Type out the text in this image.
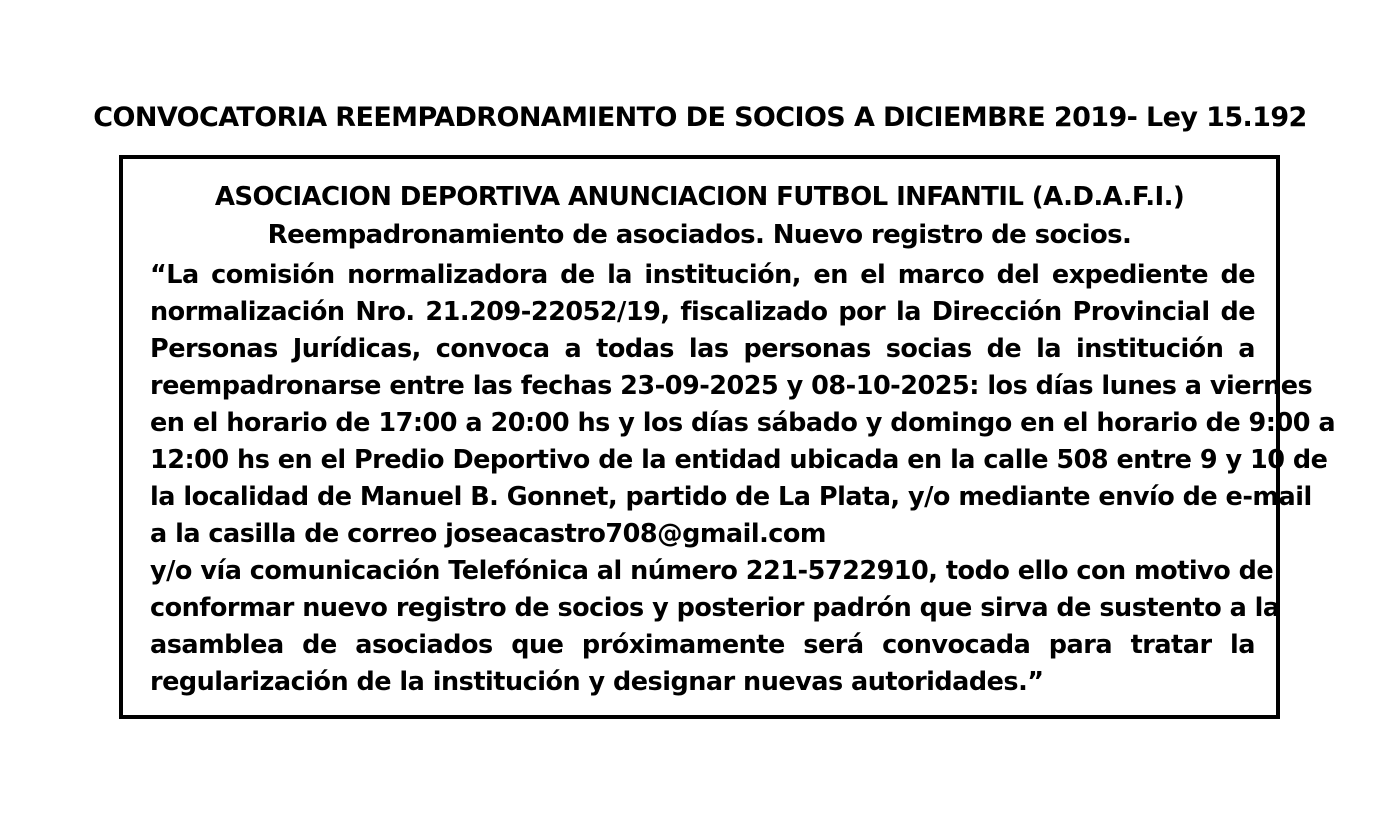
CONVOCATORIA REEMPADRONAMIENTO DE SOCIOS A DICIEMBRE 2019- Ley 15.192
ASOCIACION DEPORTIVA ANUNCIACION FUTBOL INFANTIL (A.D.A.F.I.)
Reempadronamiento de asociados. Nuevo registro de socios.
“La comisión normalizadora de la institución, en el marco del expediente de
normalización Nro. 21.209-22052/19, fiscalizado por la Dirección Provincial de
Personas Jurídicas, convoca a todas las personas socias de la institución a
reempadronarse entre las fechas 23-09-2025 y 08-10-2025: los días lunes a viernes
en el horario de 17:00 a 20:00 hs y los días sábado y domingo en el horario de 9:00 a
12:00 hs en el Predio Deportivo de la entidad ubicada en la calle 508 entre 9 y 10 de
la localidad de Manuel B. Gonnet, partido de La Plata, y/o mediante envío de e-mail
a la casilla de correo joseacastro708@gmail.com
y/o vía comunicación Telefónica al número 221-5722910, todo ello con motivo de
conformar nuevo registro de socios y posterior padrón que sirva de sustento a la
asamblea de asociados que próximamente será convocada para tratar la
regularización de la institución y designar nuevas autoridades.”
